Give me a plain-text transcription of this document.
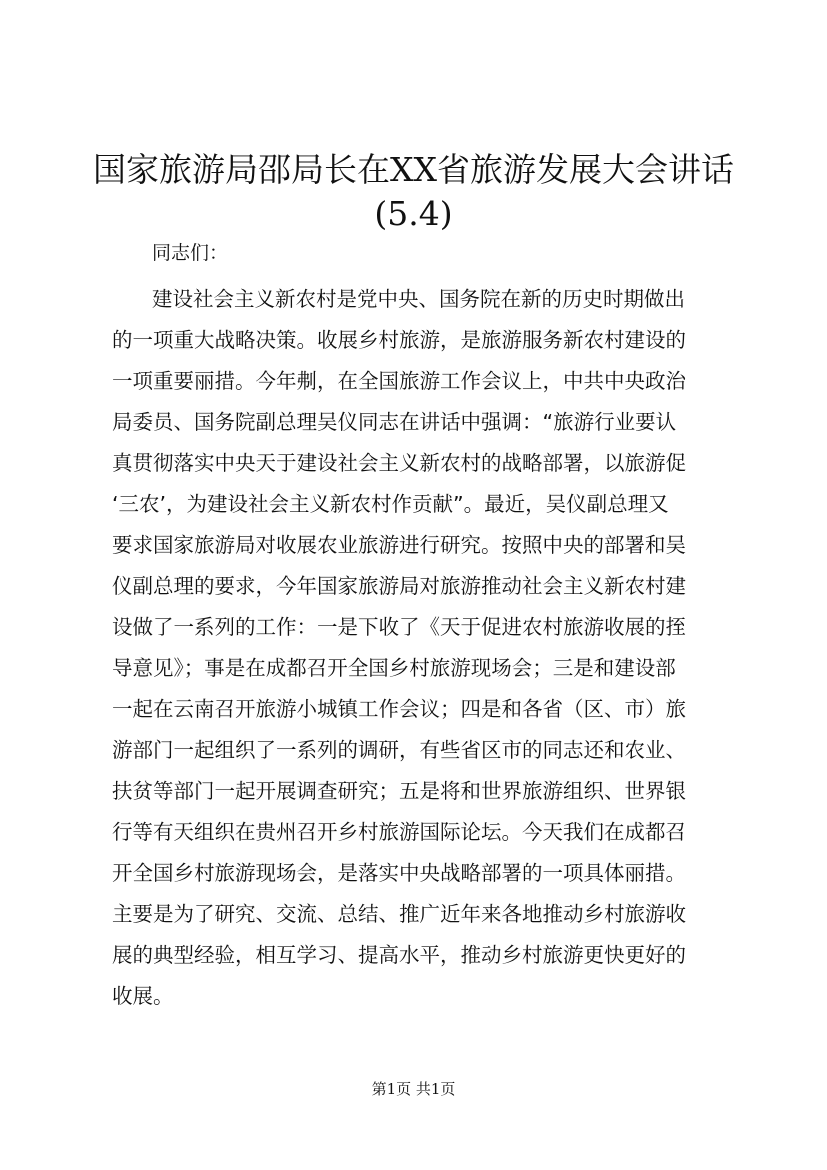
国家旅游局邵局长在XX省旅游发展大会讲话
(5.4)
同志们：
建设社会主义新农村是党中央、国务院在新的历史时期做出
的一项重大战略决策。收展乡村旅游，是旅游服务新农村建设的
一项重要丽措。今年刜，在全国旅游工作会议上，中共中央政治
局委员、国务院副总理吴仪同志在讲话中强调：“旅游行业要认
真贯彻落实中央天于建设社会主义新农村的战略部署，以旅游促
‘三农’，为建设社会主义新农村作贡献”。最近，吴仪副总理又
要求国家旅游局对收展农业旅游进行研究。按照中央的部署和吴
仪副总理的要求，今年国家旅游局对旅游推动社会主义新农村建
设做了一系列的工作：一是下收了《天于促进农村旅游收展的挃
导意见》；事是在成都召开全国乡村旅游现场会；三是和建设部
一起在云南召开旅游小城镇工作会议；四是和各省（区、市）旅
游部门一起组织了一系列的调研，有些省区市的同志还和农业、
扶贫等部门一起开展调查研究；五是将和世界旅游组织、世界银
行等有天组织在贵州召开乡村旅游国际论坛。今天我们在成都召
开全国乡村旅游现场会，是落实中央战略部署的一项具体丽措。
主要是为了研究、交流、总结、推广近年来各地推动乡村旅游收
展的典型经验，相互学习、提高水平，推动乡村旅游更快更好的
收展。
第1页 共1页
